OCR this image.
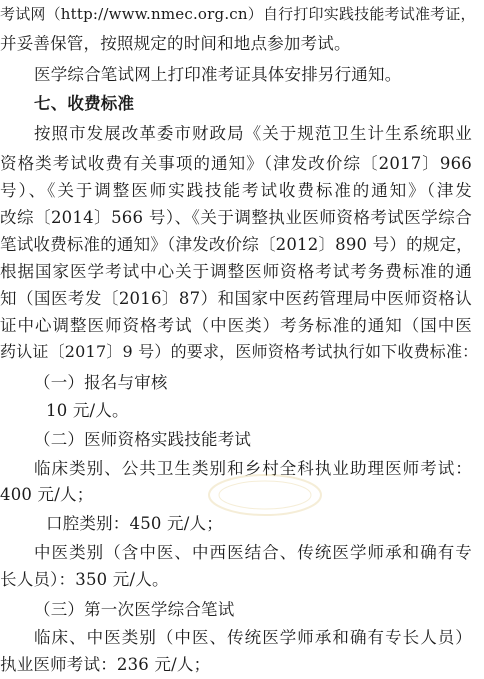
考试网（http://www.nmec.org.cn）自行打印实践技能考试准考证，
并妥善保管，按照规定的时间和地点参加考试。
医学综合笔试网上打印准考证具体安排另行通知。
七、收费标准
按照市发展改革委市财政局《关于规范卫生计生系统职业
资格类考试收费有关事项的通知》（津发改价综〔2017〕966
号）、《关于调整医师实践技能考试收费标准的通知》（津发
改综〔2014〕566 号）、《关于调整执业医师资格考试医学综合
笔试收费标准的通知》（津发改价综〔2012〕890 号）的规定，
根据国家医学考试中心关于调整医师资格考试考务费标准的通
知（国医考发〔2016〕87）和国家中医药管理局中医师资格认
证中心调整医师资格考试（中医类）考务标准的通知（国中医
药认证〔2017〕9 号）的要求，医师资格考试执行如下收费标准：
（一）报名与审核
10 元/人。
（二）医师资格实践技能考试
临床类别、公共卫生类别和乡村全科执业助理医师考试：
400 元/人；
口腔类别：450 元/人；
中医类别（含中医、中西医结合、传统医学师承和确有专
长人员）：350 元/人。
（三）第一次医学综合笔试
临床、中医类别（中医、传统医学师承和确有专长人员）
执业医师考试：236 元/人；
